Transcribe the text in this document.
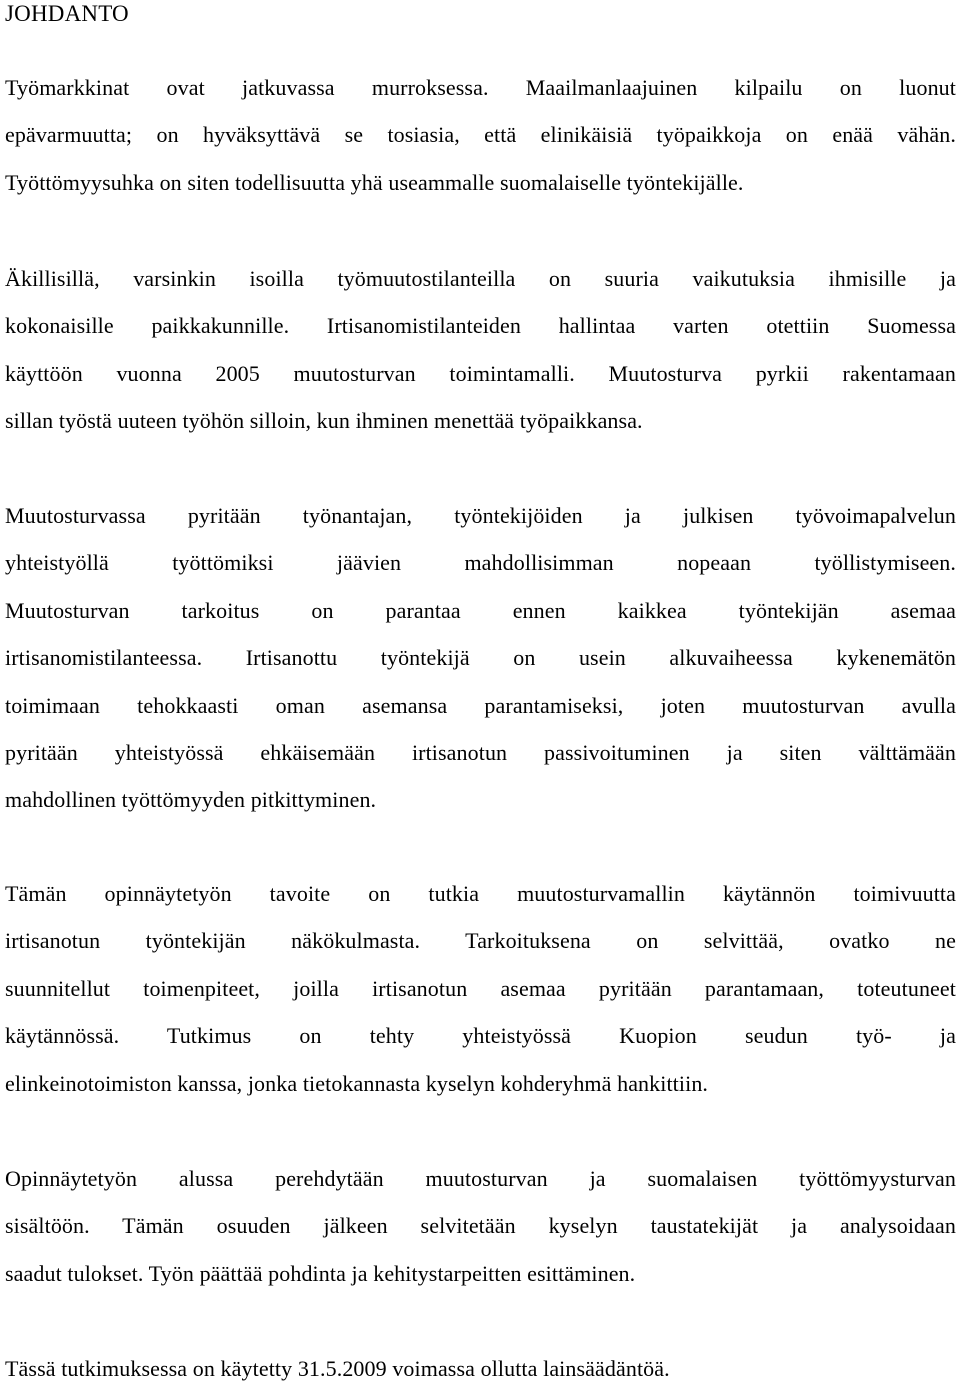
JOHDANTO

Työmarkkinat ovat jatkuvassa murroksessa. Maailmanlaajuinen kilpailu on luonut
epävarmuutta; on hyväksyttävä se tosiasia, että elinikäisiä työpaikkoja on enää vähän.
Työttömyysuhka on siten todellisuutta yhä useammalle suomalaiselle työntekijälle.

Äkillisillä, varsinkin isoilla työmuutostilanteilla on suuria vaikutuksia ihmisille ja
kokonaisille paikkakunnille. Irtisanomistilanteiden hallintaa varten otettiin Suomessa
käyttöön vuonna 2005 muutosturvan toimintamalli. Muutosturva pyrkii rakentamaan
sillan työstä uuteen työhön silloin, kun ihminen menettää työpaikkansa.

Muutosturvassa pyritään työnantajan, työntekijöiden ja julkisen työvoimapalvelun
yhteistyöllä työttömiksi jäävien mahdollisimman nopeaan työllistymiseen.
Muutosturvan tarkoitus on parantaa ennen kaikkea työntekijän asemaa
irtisanomistilanteessa. Irtisanottu työntekijä on usein alkuvaiheessa kykenemätön
toimimaan tehokkaasti oman asemansa parantamiseksi, joten muutosturvan avulla
pyritään yhteistyössä ehkäisemään irtisanotun passivoituminen ja siten välttämään
mahdollinen työttömyyden pitkittyminen.

Tämän opinnäytetyön tavoite on tutkia muutosturvamallin käytännön toimivuutta
irtisanotun työntekijän näkökulmasta. Tarkoituksena on selvittää, ovatko ne
suunnitellut toimenpiteet, joilla irtisanotun asemaa pyritään parantamaan, toteutuneet
käytännössä. Tutkimus on tehty yhteistyössä Kuopion seudun työ- ja
elinkeinotoimiston kanssa, jonka tietokannasta kyselyn kohderyhmä hankittiin.

Opinnäytetyön alussa perehdytään muutosturvan ja suomalaisen työttömyysturvan
sisältöön. Tämän osuuden jälkeen selvitetään kyselyn taustatekijät ja analysoidaan
saadut tulokset. Työn päättää pohdinta ja kehitystarpeitten esittäminen.

Tässä tutkimuksessa on käytetty 31.5.2009 voimassa ollutta lainsäädäntöä.
